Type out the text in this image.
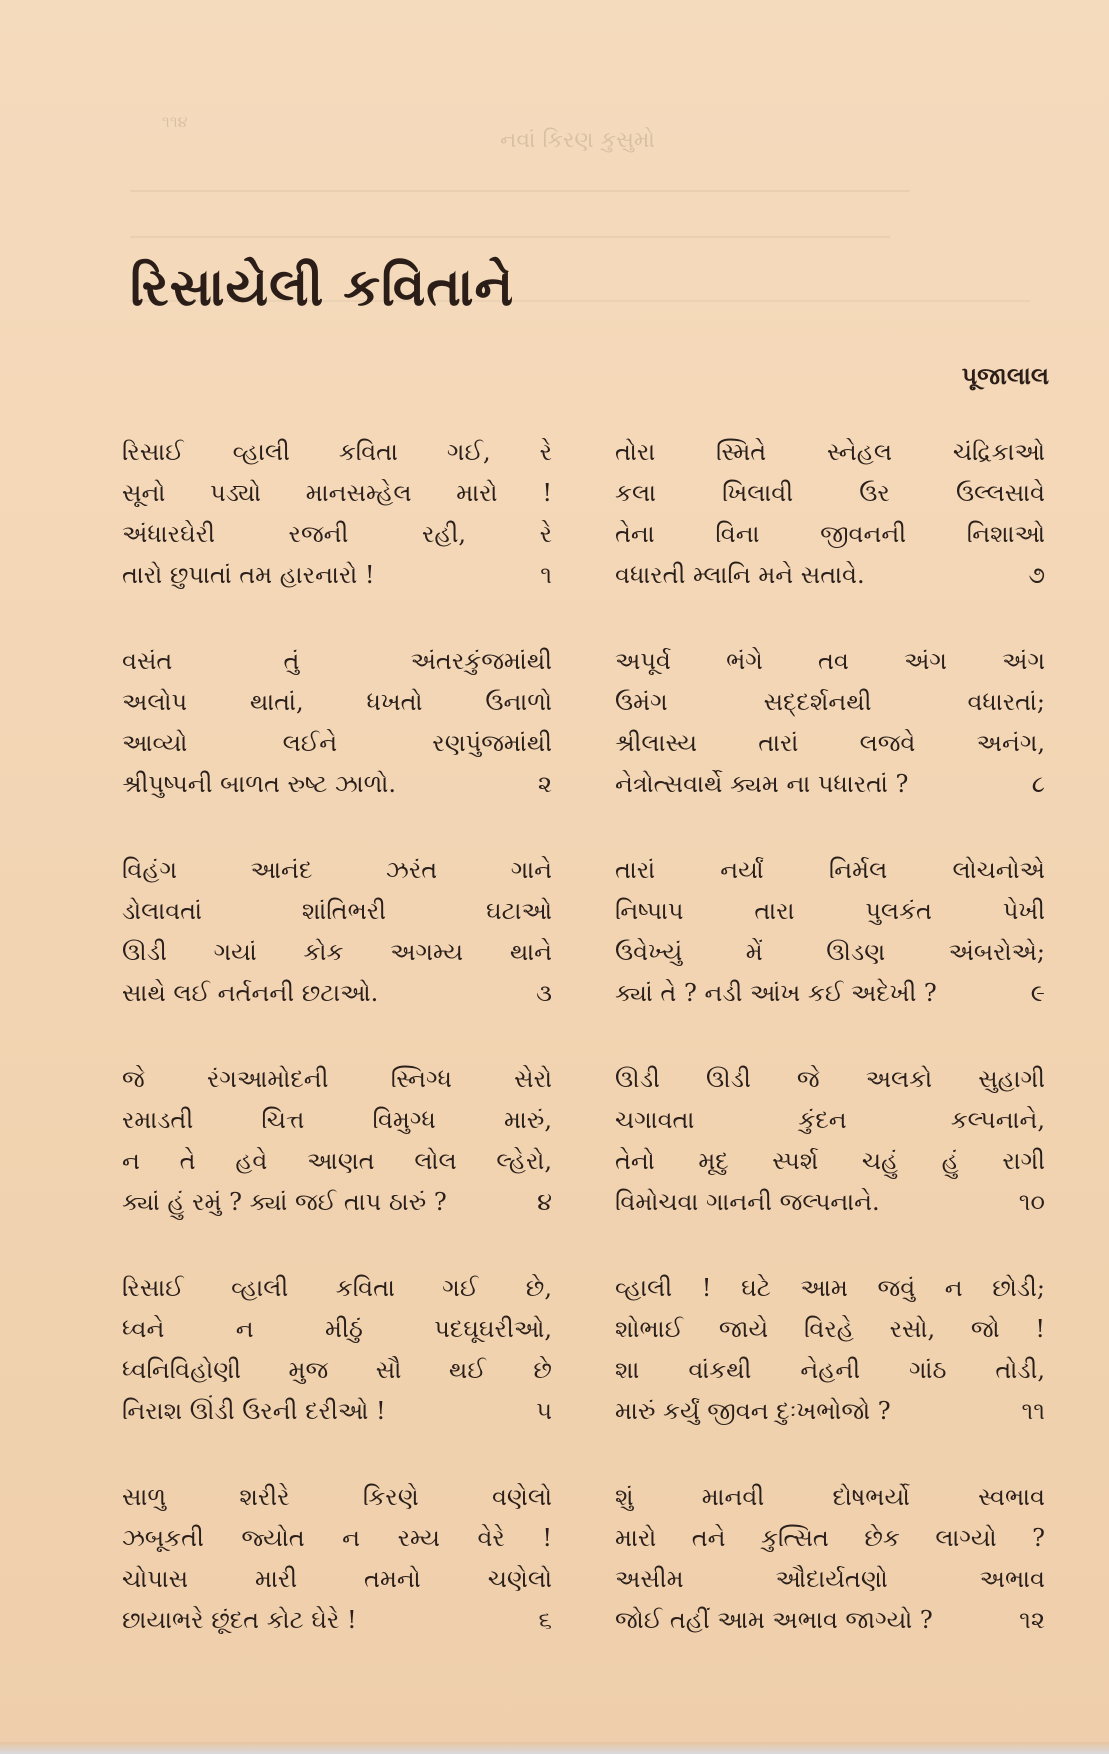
૧૧૪
નવાં કિરણ કુસુમો
રિસાયેલી કવિતાને
પૂજાલાલ
રિસાઈ વ્હાલી કવિતા ગઈ, રે
સૂનો પડ્યો માનસમ્હેલ મારો !
અંધારઘેરી રજની રહી, રે
તારો છુપાતાં તમ હારનારો !	૧
વસંત તું અંતરકુંજમાંથી
અલોપ થાતાં, ધખતો ઉનાળો
આવ્યો લઈને રણપુંજમાંથી
શ્રીપુષ્પની બાળત રુષ્ટ ઝાળો.	૨
વિહંગ આનંદ ઝરંત ગાને
ડોલાવતાં શાંતિભરી ઘટાઓ
ઊડી ગયાં કોક અગમ્ય થાને
સાથે લઈ નર્તનની છટાઓ.	૩
જે રંગઆમોદની સ્નિગ્ધ સેરો
રમાડતી ચિત્ત વિમુગ્ધ મારું,
ન તે હવે આણત લોલ લ્હેરો,
ક્યાં હું રમું ? ક્યાં જઈ તાપ ઠારું ?	૪
રિસાઈ વ્હાલી કવિતા ગઈ છે,
ધ્વને ન મીઠું પદઘૂઘરીઓ,
ધ્વનિવિહોણી મુજ સૌ થઈ છે
નિરાશ ઊંડી ઉરની દરીઓ !	૫
સાળુ શરીરે કિરણે વણેલો
ઝબૂકતી જ્યોત ન રમ્ય વેરે !
ચોપાસ મારી તમનો ચણેલો
છાયાભરે છૂંદત કોટ ઘેરે !	૬
તોરા સ્મિતે સ્નેહલ ચંદ્રિકાઓ
કલા ખિલાવી ઉર ઉલ્લસાવે
તેના વિના જીવનની નિશાઓ
વધારતી મ્લાનિ મને સતાવે.	૭
અપૂર્વ ભંગે તવ અંગ અંગ
ઉમંગ સદ્દર્શનથી વધારતાં;
શ્રીલાસ્ય તારાં લજવે અનંગ,
નેત્રોત્સવાર્થે ક્યમ ના પધારતાં ?	૮
તારાં નર્યાં નિર્મલ લોચનોએ
નિષ્પાપ તારા પુલકંત પેખી
ઉવેખ્યું મેં ઊડણ અંબરોએ;
ક્યાં તે ? નડી આંખ કઈ અદેખી ?	૯
ઊડી ઊડી જે અલકો સુહાગી
ચગાવતા કુંદન કલ્પનાને,
તેનો મૃદુ સ્પર્શ ચહું હું રાગી
વિમોચવા ગાનની જલ્પનાને.	૧૦
વ્હાલી ! ઘટે આમ જવું ન છોડી;
શોભાઈ જાયે વિરહે રસો, જો !
શા વાંકથી નેહની ગાંઠ તોડી,
મારું કર્યું જીવન દુઃખભોજો ?	૧૧
શું માનવી દોષભર્યો સ્વભાવ
મારો તને કુત્સિત છેક લાગ્યો ?
અસીમ ઔદાર્યતણો અભાવ
જોઈ તહીં આમ અભાવ જાગ્યો ?	૧૨
